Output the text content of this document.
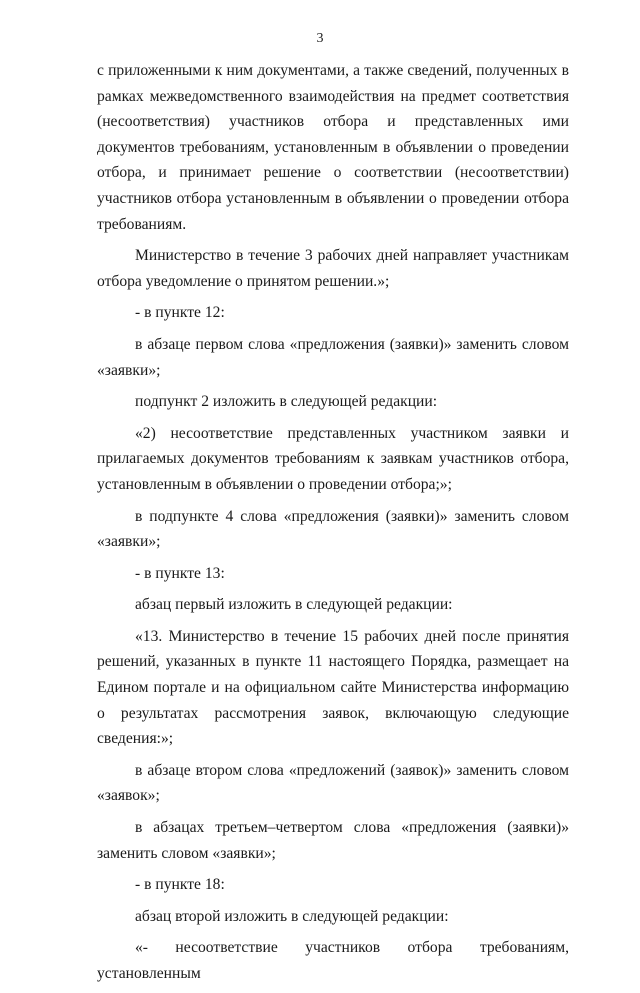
3

с приложенными к ним документами, а также сведений, полученных в рамках межведомственного взаимодействия на предмет соответствия (несоответствия) участников отбора и представленных ими документов требованиям, установленным в объявлении о проведении отбора, и принимает решение о соответствии (несоответствии) участников отбора установленным в объявлении о проведении отбора требованиям.

Министерство в течение 3 рабочих дней направляет участникам отбора уведомление о принятом решении.»;

- в пункте 12:

в абзаце первом слова «предложения (заявки)» заменить словом «заявки»;

подпункт 2 изложить в следующей редакции:

«2) несоответствие представленных участником заявки и прилагаемых документов требованиям к заявкам участников отбора, установленным в объявлении о проведении отбора;»;

в подпункте 4 слова «предложения (заявки)» заменить словом «заявки»;

- в пункте 13:

абзац первый изложить в следующей редакции:

«13. Министерство в течение 15 рабочих дней после принятия решений, указанных в пункте 11 настоящего Порядка, размещает на Едином портале и на официальном сайте Министерства информацию о результатах рассмотрения заявок, включающую следующие сведения:»;

в абзаце втором слова «предложений (заявок)» заменить словом «заявок»;

в абзацах третьем–четвертом слова «предложения (заявки)» заменить словом «заявки»;

- в пункте 18:

абзац второй изложить в следующей редакции:

«- несоответствие участников отбора требованиям, установленным
